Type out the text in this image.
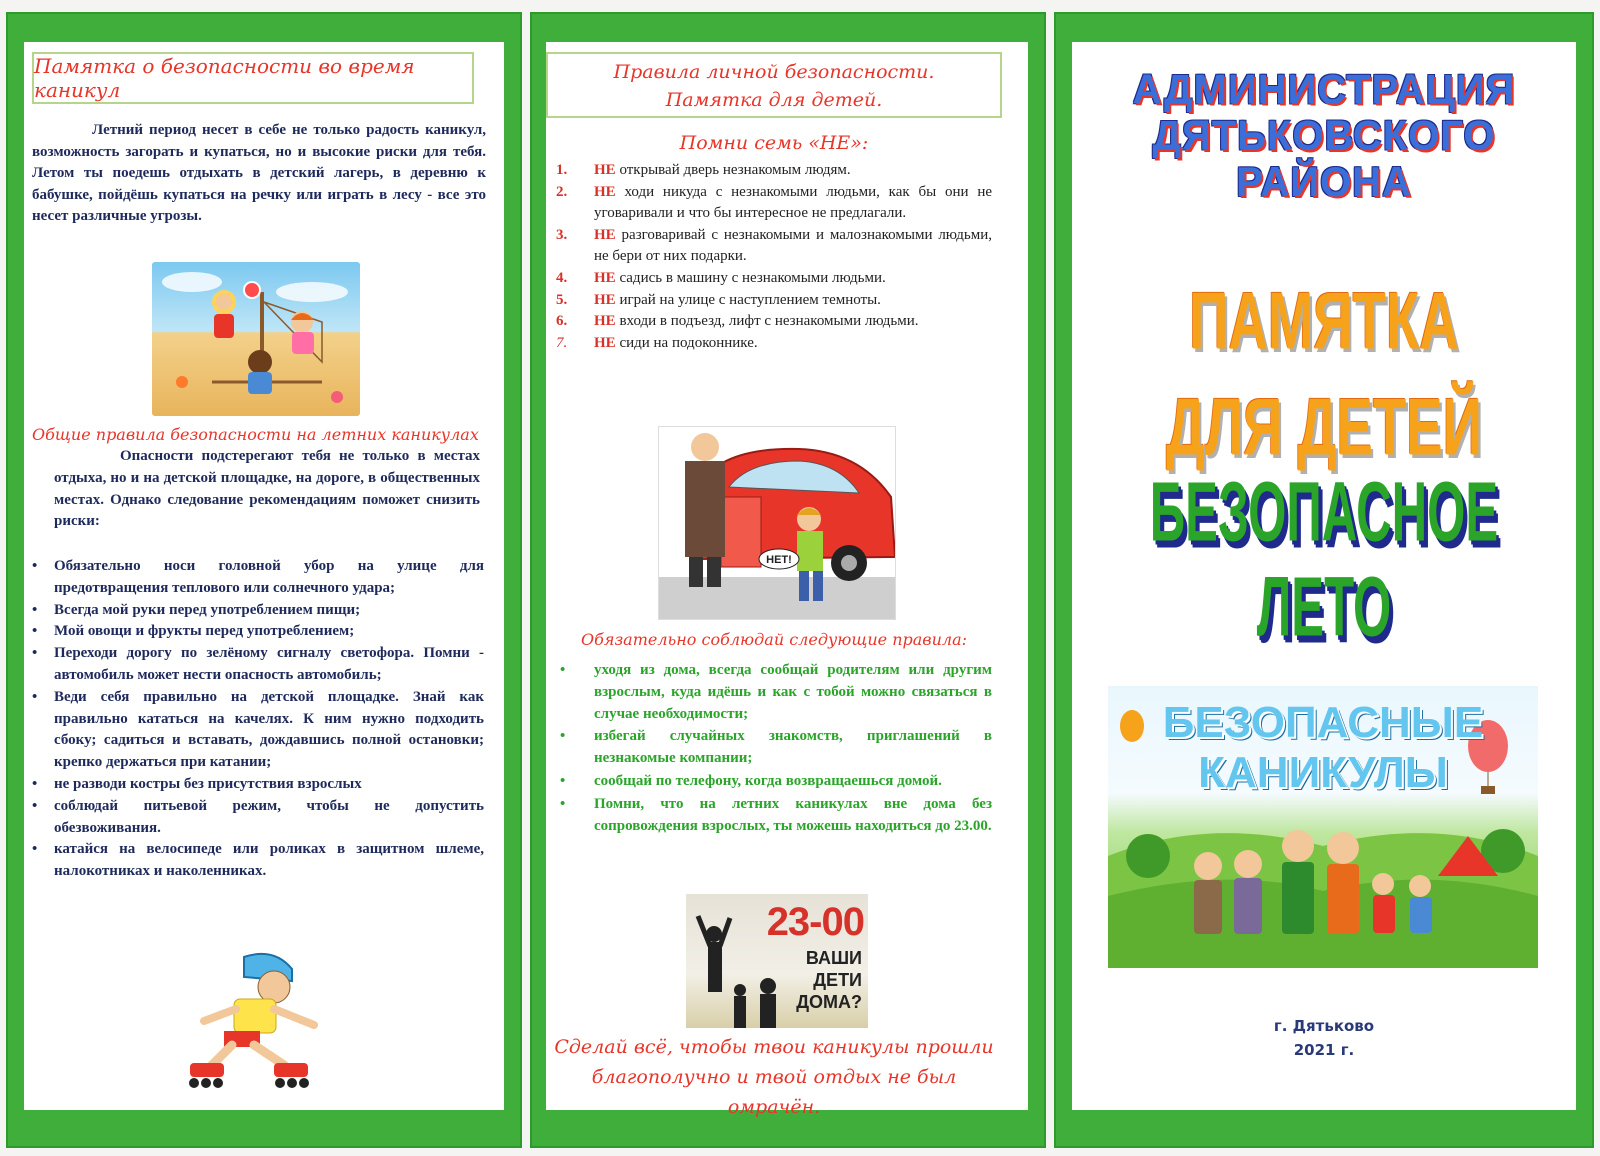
Памятка о безопасности во время каникул

Летний период несет в себе не только радость каникул, возможность загорать и купаться, но и высокие риски для тебя. Летом ты поедешь отдыхать в детский лагерь, в деревню к бабушке, пойдёшь купаться на речку или играть в лесу - все это несет различные угрозы.

Общие правила безопасности на летних каникулах

Опасности подстерегают тебя не только в местах отдыха, но и на детской площадке, на дороге, в общественных местах. Однако следование рекомендациям поможет снизить риски:

• Обязательно носи головной убор на улице для предотвращения теплового или солнечного удара;
• Всегда мой руки перед употреблением пищи;
• Мой овощи и фрукты перед употреблением;
• Переходи дорогу по зелёному сигналу светофора. Помни - автомобиль может нести опасность автомобиль;
• Веди себя правильно на детской площадке. Знай как правильно кататься на качелях. К ним нужно подходить сбоку; садиться и вставать, дождавшись полной остановки; крепко держаться при катании;
• не разводи костры без присутствия взрослых
• соблюдай питьевой режим, чтобы не допустить обезвоживания.
• катайся на велосипеде или роликах в защитном шлеме, налокотниках и наколенниках.
Правила личной безопасности.
Памятка для детей.
Помни семь «НЕ»:
1.	НЕ открывай дверь незнакомым людям.
2.	НЕ ходи никуда с незнакомыми людьми, как бы они не уговаривали и что бы интересное не предлагали.
3.	НЕ разговаривай с незнакомыми и малознакомыми людьми, не бери от них подарки.
4.	НЕ садись в машину с незнакомыми людьми.
5.	НЕ играй на улице с наступлением темноты.
6.	НЕ входи в подъезд, лифт с незнакомыми людьми.
7.	НЕ сиди на подоконнике.
НЕТ!
Обязательно соблюдай следующие правила:
•	уходя из дома, всегда сообщай родителям или другим взрослым, куда идёшь и как с тобой можно связаться в случае необходимости;
•	избегай случайных знакомств, приглашений в незнакомые компании;
•	сообщай по телефону, когда возвращаешься домой.
•	Помни, что на летних каникулах вне дома без сопровождения взрослых, ты можешь находиться до 23.00.
23-00
ВАШИ
ДЕТИ
ДОМА?
Сделай всё, чтобы твои каникулы прошли
благополучно и твой отдых не был омрачён.
АДМИНИСТРАЦИЯ
ДЯТЬКОВСКОГО
РАЙОНА
ПАМЯТКА
ДЛЯ ДЕТЕЙ
БЕЗОПАСНОЕ
ЛЕТО
БЕЗОПАСНЫЕ
КАНИКУЛЫ
г. Дятьково
2021 г.
